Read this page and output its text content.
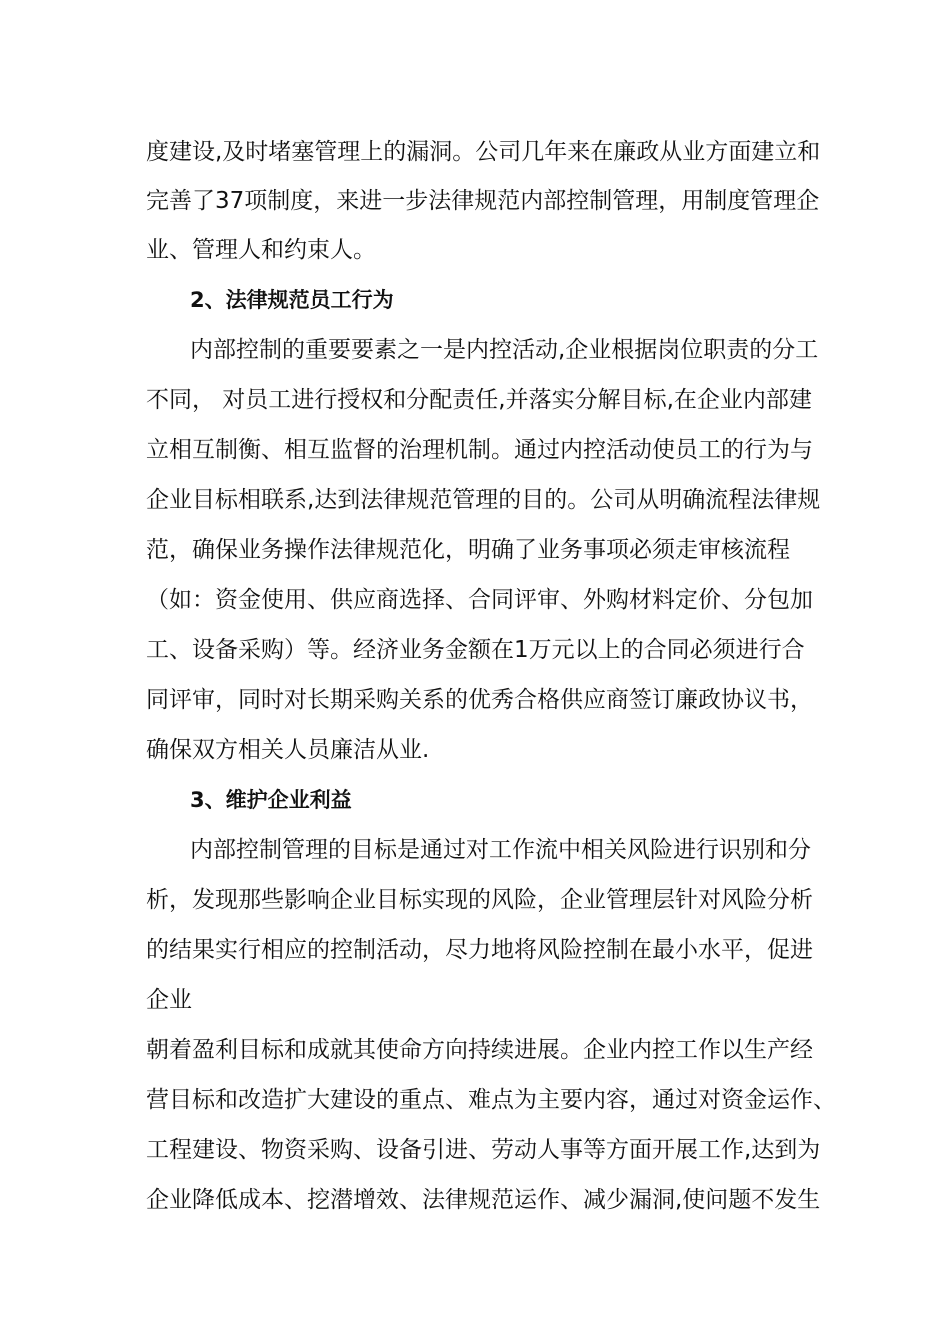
度建设,及时堵塞管理上的漏洞。公司几年来在廉政从业方面建立和
完善了37项制度，来进一步法律规范内部控制管理，用制度管理企
业、管理人和约束人。
2、法律规范员工行为
内部控制的重要要素之一是内控活动,企业根据岗位职责的分工
不同， 对员工进行授权和分配责任,并落实分解目标,在企业内部建
立相互制衡、相互监督的治理机制。通过内控活动使员工的行为与
企业目标相联系,达到法律规范管理的目的。公司从明确流程法律规
范，确保业务操作法律规范化，明确了业务事项必须走审核流程
（如：资金使用、供应商选择、合同评审、外购材料定价、分包加
工、设备采购）等。经济业务金额在1万元以上的合同必须进行合
同评审，同时对长期采购关系的优秀合格供应商签订廉政协议书，
确保双方相关人员廉洁从业.
3、维护企业利益
内部控制管理的目标是通过对工作流中相关风险进行识别和分
析，发现那些影响企业目标实现的风险，企业管理层针对风险分析
的结果实行相应的控制活动，尽力地将风险控制在最小水平，促进
企业
朝着盈利目标和成就其使命方向持续进展。企业内控工作以生产经
营目标和改造扩大建设的重点、难点为主要内容，通过对资金运作、
工程建设、物资采购、设备引进、劳动人事等方面开展工作,达到为
企业降低成本、挖潜增效、法律规范运作、减少漏洞,使问题不发生
